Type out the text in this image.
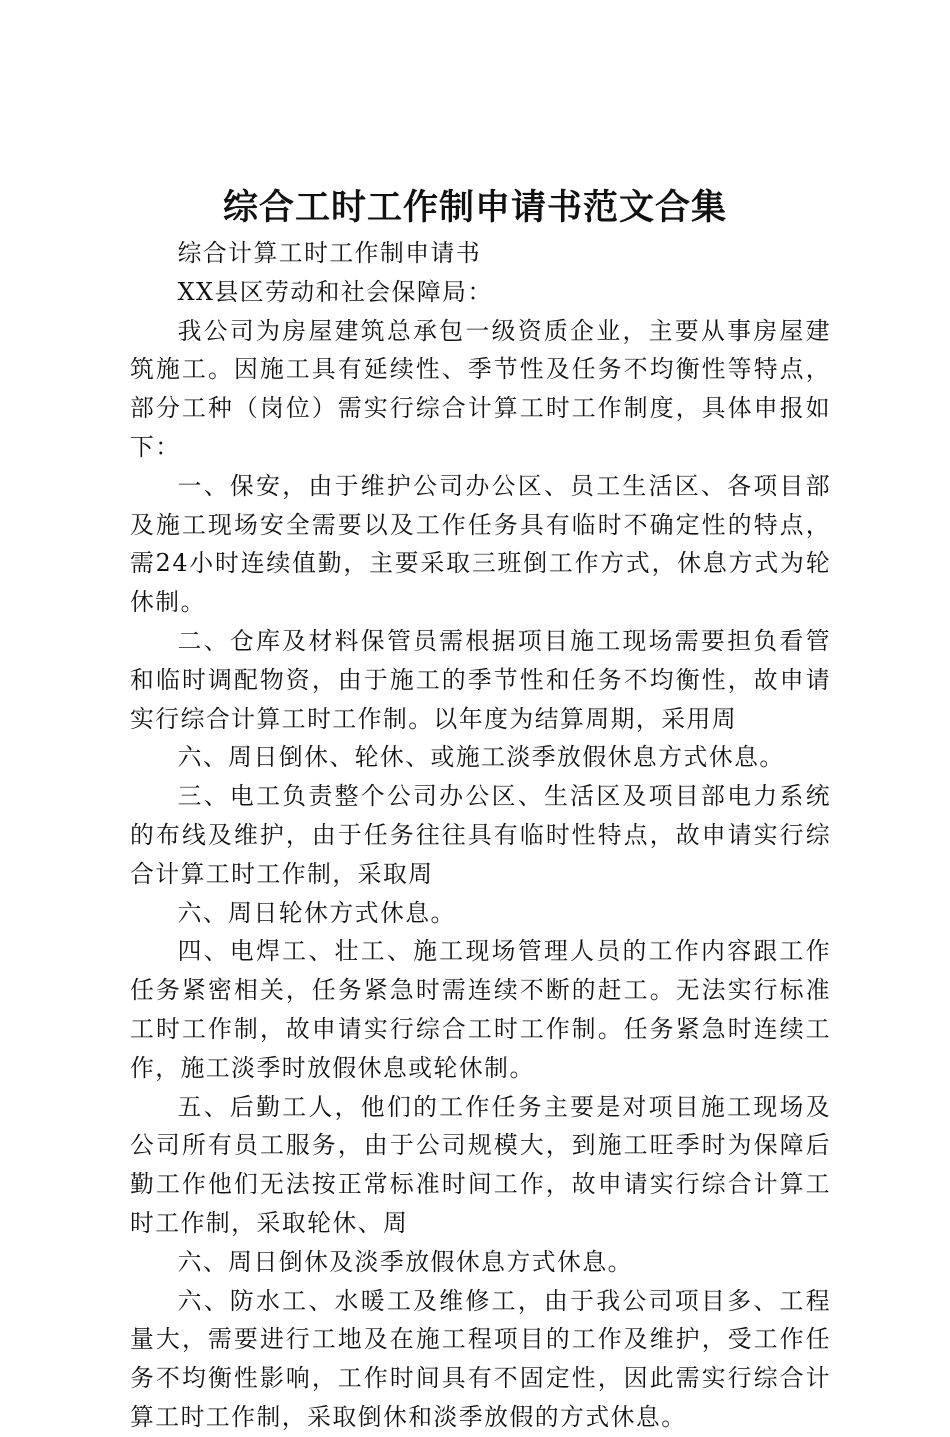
综合工时工作制申请书范文合集

综合计算工时工作制申请书

XX县区劳动和社会保障局：

我公司为房屋建筑总承包一级资质企业，主要从事房屋建筑施工。因施工具有延续性、季节性及任务不均衡性等特点，部分工种（岗位）需实行综合计算工时工作制度，具体申报如下：

一、保安，由于维护公司办公区、员工生活区、各项目部及施工现场安全需要以及工作任务具有临时不确定性的特点，需24小时连续值勤，主要采取三班倒工作方式，休息方式为轮休制。

二、仓库及材料保管员需根据项目施工现场需要担负看管和临时调配物资，由于施工的季节性和任务不均衡性，故申请实行综合计算工时工作制。以年度为结算周期，采用周

六、周日倒休、轮休、或施工淡季放假休息方式休息。

三、电工负责整个公司办公区、生活区及项目部电力系统的布线及维护，由于任务往往具有临时性特点，故申请实行综合计算工时工作制，采取周

六、周日轮休方式休息。

四、电焊工、壮工、施工现场管理人员的工作内容跟工作任务紧密相关，任务紧急时需连续不断的赶工。无法实行标准工时工作制，故申请实行综合工时工作制。任务紧急时连续工作，施工淡季时放假休息或轮休制。

五、后勤工人，他们的工作任务主要是对项目施工现场及公司所有员工服务，由于公司规模大，到施工旺季时为保障后勤工作他们无法按正常标准时间工作，故申请实行综合计算工时工作制，采取轮休、周

六、周日倒休及淡季放假休息方式休息。

六、防水工、水暖工及维修工，由于我公司项目多、工程量大，需要进行工地及在施工程项目的工作及维护，受工作任务不均衡性影响，工作时间具有不固定性，因此需实行综合计算工时工作制，采取倒休和淡季放假的方式休息。
